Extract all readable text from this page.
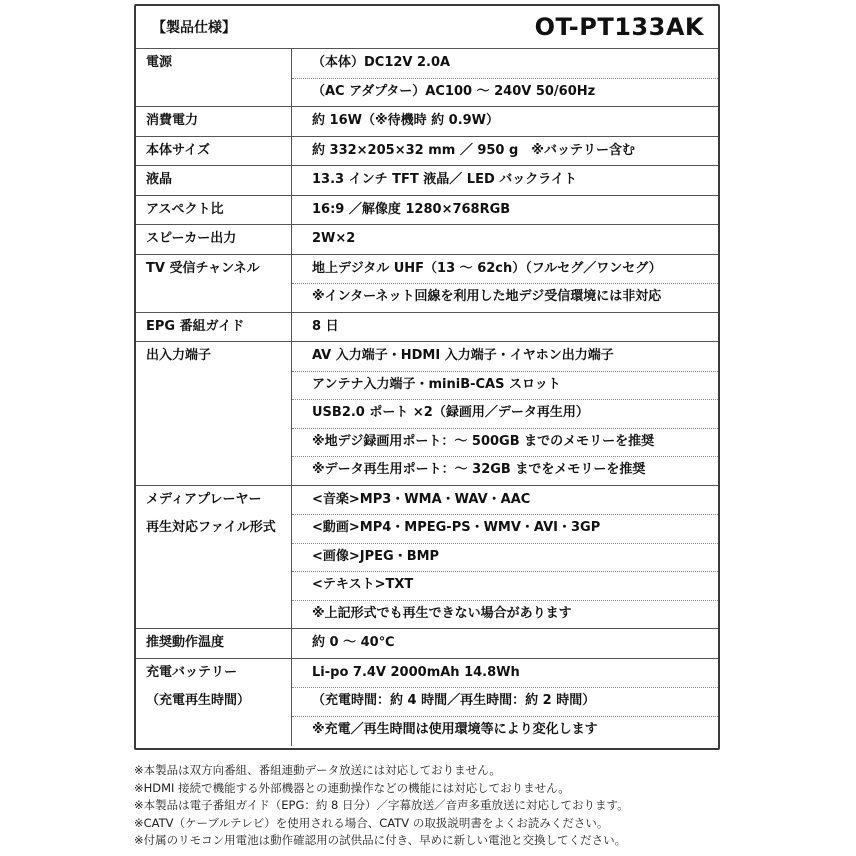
【製品仕様】	OT-PT133AK
電源	（本体）DC12V 2.0A
（AC アダプター）AC100 ～ 240V 50/60Hz
消費電力	約 16W（※待機時 約 0.9W）
本体サイズ	約 332×205×32 mm ／ 950 g　※バッテリー含む
液晶	13.3 インチ TFT 液晶／ LED バックライト
アスペクト比	16:9 ／解像度 1280×768RGB
スピーカー出力	2W×2
TV 受信チャンネル	地上デジタル UHF（13 ～ 62ch）（フルセグ／ワンセグ）
※インターネット回線を利用した地デジ受信環境には非対応
EPG 番組ガイド	8 日
出入力端子	AV 入力端子・HDMI 入力端子・イヤホン出力端子
アンテナ入力端子・miniB-CAS スロット
USB2.0 ポート ×2（録画用／データ再生用）
※地デジ録画用ポート：～ 500GB までのメモリーを推奨
※データ再生用ポート：～ 32GB までをメモリーを推奨
メディアプレーヤー	<音楽>MP3・WMA・WAV・AAC
再生対応ファイル形式	<動画>MP4・MPEG-PS・WMV・AVI・3GP
<画像>JPEG・BMP
<テキスト>TXT
※上記形式でも再生できない場合があります
推奨動作温度	約 0 ～ 40℃
充電バッテリー	Li-po 7.4V 2000mAh 14.8Wh
（充電再生時間）	（充電時間：約 4 時間／再生時間：約 2 時間）
※充電／再生時間は使用環境等により変化します
※本製品は双方向番組、番組連動データ放送には対応しておりません。
※HDMI 接続で機能する外部機器との連動操作などの機能には対応しておりません。
※本製品は電子番組ガイド（EPG：約 8 日分）／字幕放送／音声多重放送に対応しております。
※CATV（ケーブルテレビ）を使用される場合、CATV の取扱説明書をよくお読みください。
※付属のリモコン用電池は動作確認用の試供品に付き、早めに新しい電池と交換してください。
